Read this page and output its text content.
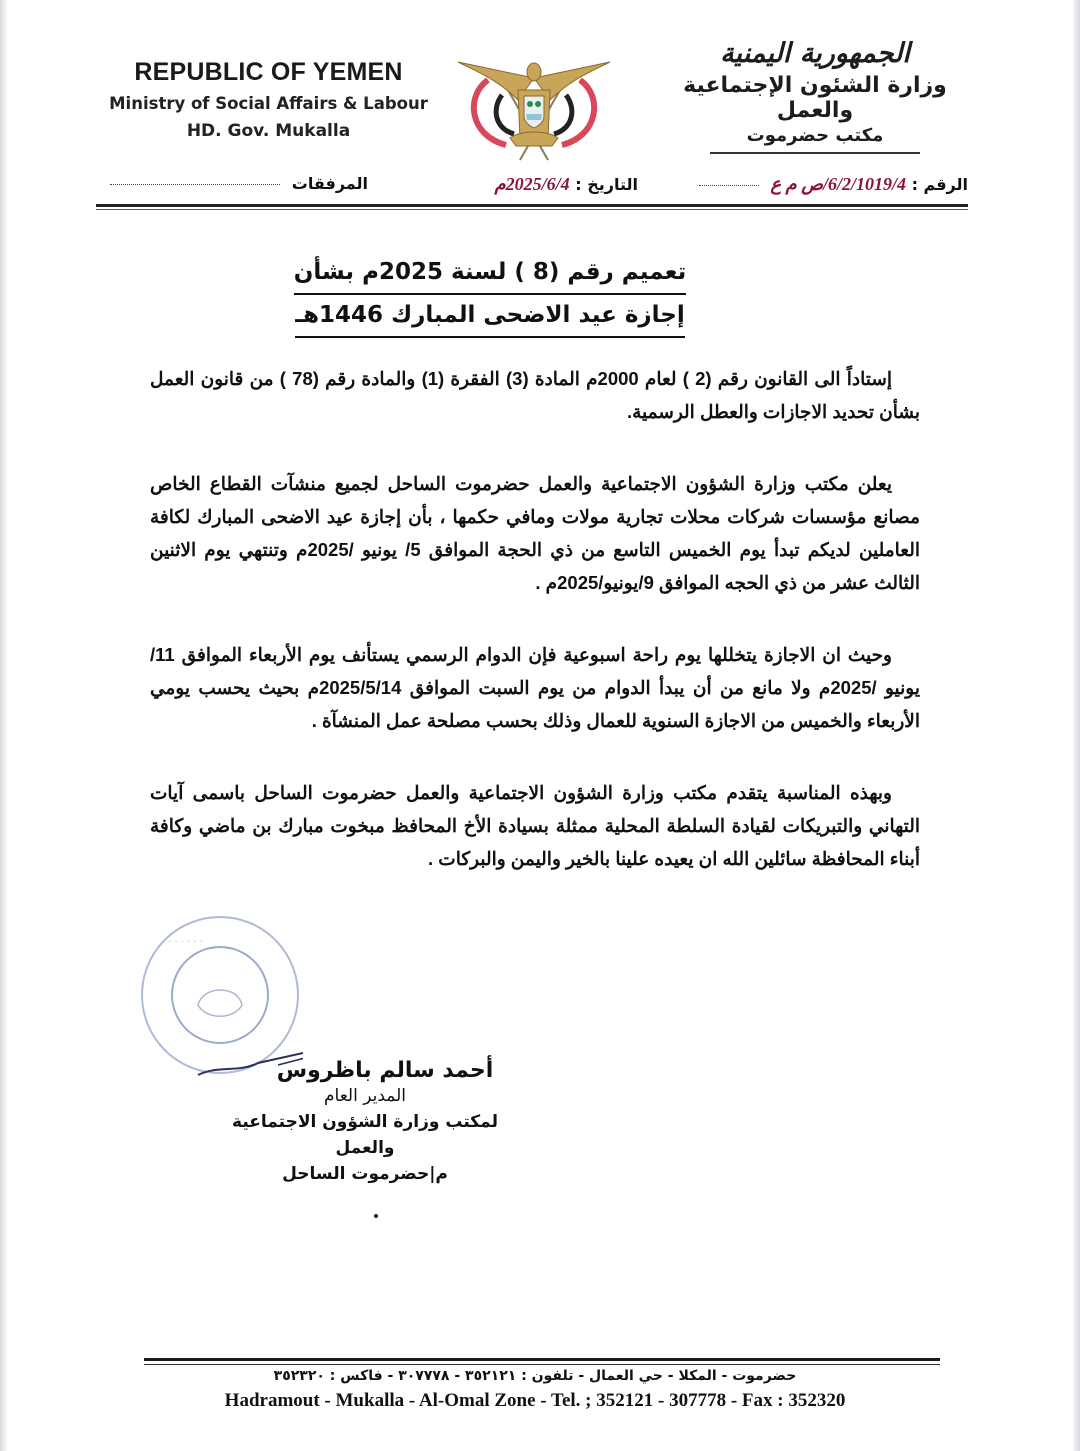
REPUBLIC OF YEMEN
Ministry of Social Affairs & Labour
HD. Gov. Mukalla
الجمهورية اليمنية
وزارة الشئون الإجتماعية والعمل
مكتب حضرموت
الرقم : 6/2/1019/4/ص م ع
التاريخ : 2025/6/4م
المرفقات
تعميم رقم (8 ) لسنة 2025م بشأن
إجازة عيد الاضحى المبارك 1446هـ

إستاداً الى القانون رقم (2 ) لعام 2000م المادة (3) الفقرة (1) والمادة رقم (78 ) من قانون العمل بشأن تحديد الاجازات والعطل الرسمية.

يعلن مكتب وزارة الشؤون الاجتماعية والعمل حضرموت الساحل لجميع منشآت القطاع الخاص مصانع مؤسسات شركات محلات تجارية مولات ومافي حكمها ، بأن إجازة عيد الاضحى المبارك لكافة العاملين لديكم تبدأ يوم الخميس التاسع من ذي الحجة الموافق 5/ يونيو /2025م وتنتهي يوم الاثنين الثالث عشر من ذي الحجه الموافق 9/يونيو/2025م .

وحيث ان الاجازة يتخللها يوم راحة اسبوعية فإن الدوام الرسمي يستأنف يوم الأربعاء الموافق 11/يونيو /2025م ولا مانع من أن يبدأ الدوام من يوم السبت الموافق 2025/5/14م بحيث يحسب يومي الأربعاء والخميس من الاجازة السنوية للعمال وذلك بحسب مصلحة عمل المنشآة .

وبهذه المناسبة يتقدم مكتب وزارة الشؤون الاجتماعية والعمل حضرموت الساحل باسمى آيات التهاني والتبريكات لقيادة السلطة المحلية ممثلة بسيادة الأخ المحافظ مبخوت مبارك بن ماضي وكافة أبناء المحافظة سائلين الله ان يعيده علينا بالخير واليمن والبركات .

· · · · · ·
أحمد سالم باظروس
المدير العام
لمكتب وزارة الشؤون الاجتماعية والعمل
م|حضرموت الساحل
حضرموت - المكلا - حي العمال - تلفون : ٣٥٢١٢١ - ٣٠٧٧٧٨ - فاكس : ٣٥٢٣٢٠
Hadramout - Mukalla - Al-Omal Zone - Tel. ; 352121 - 307778 - Fax : 352320
